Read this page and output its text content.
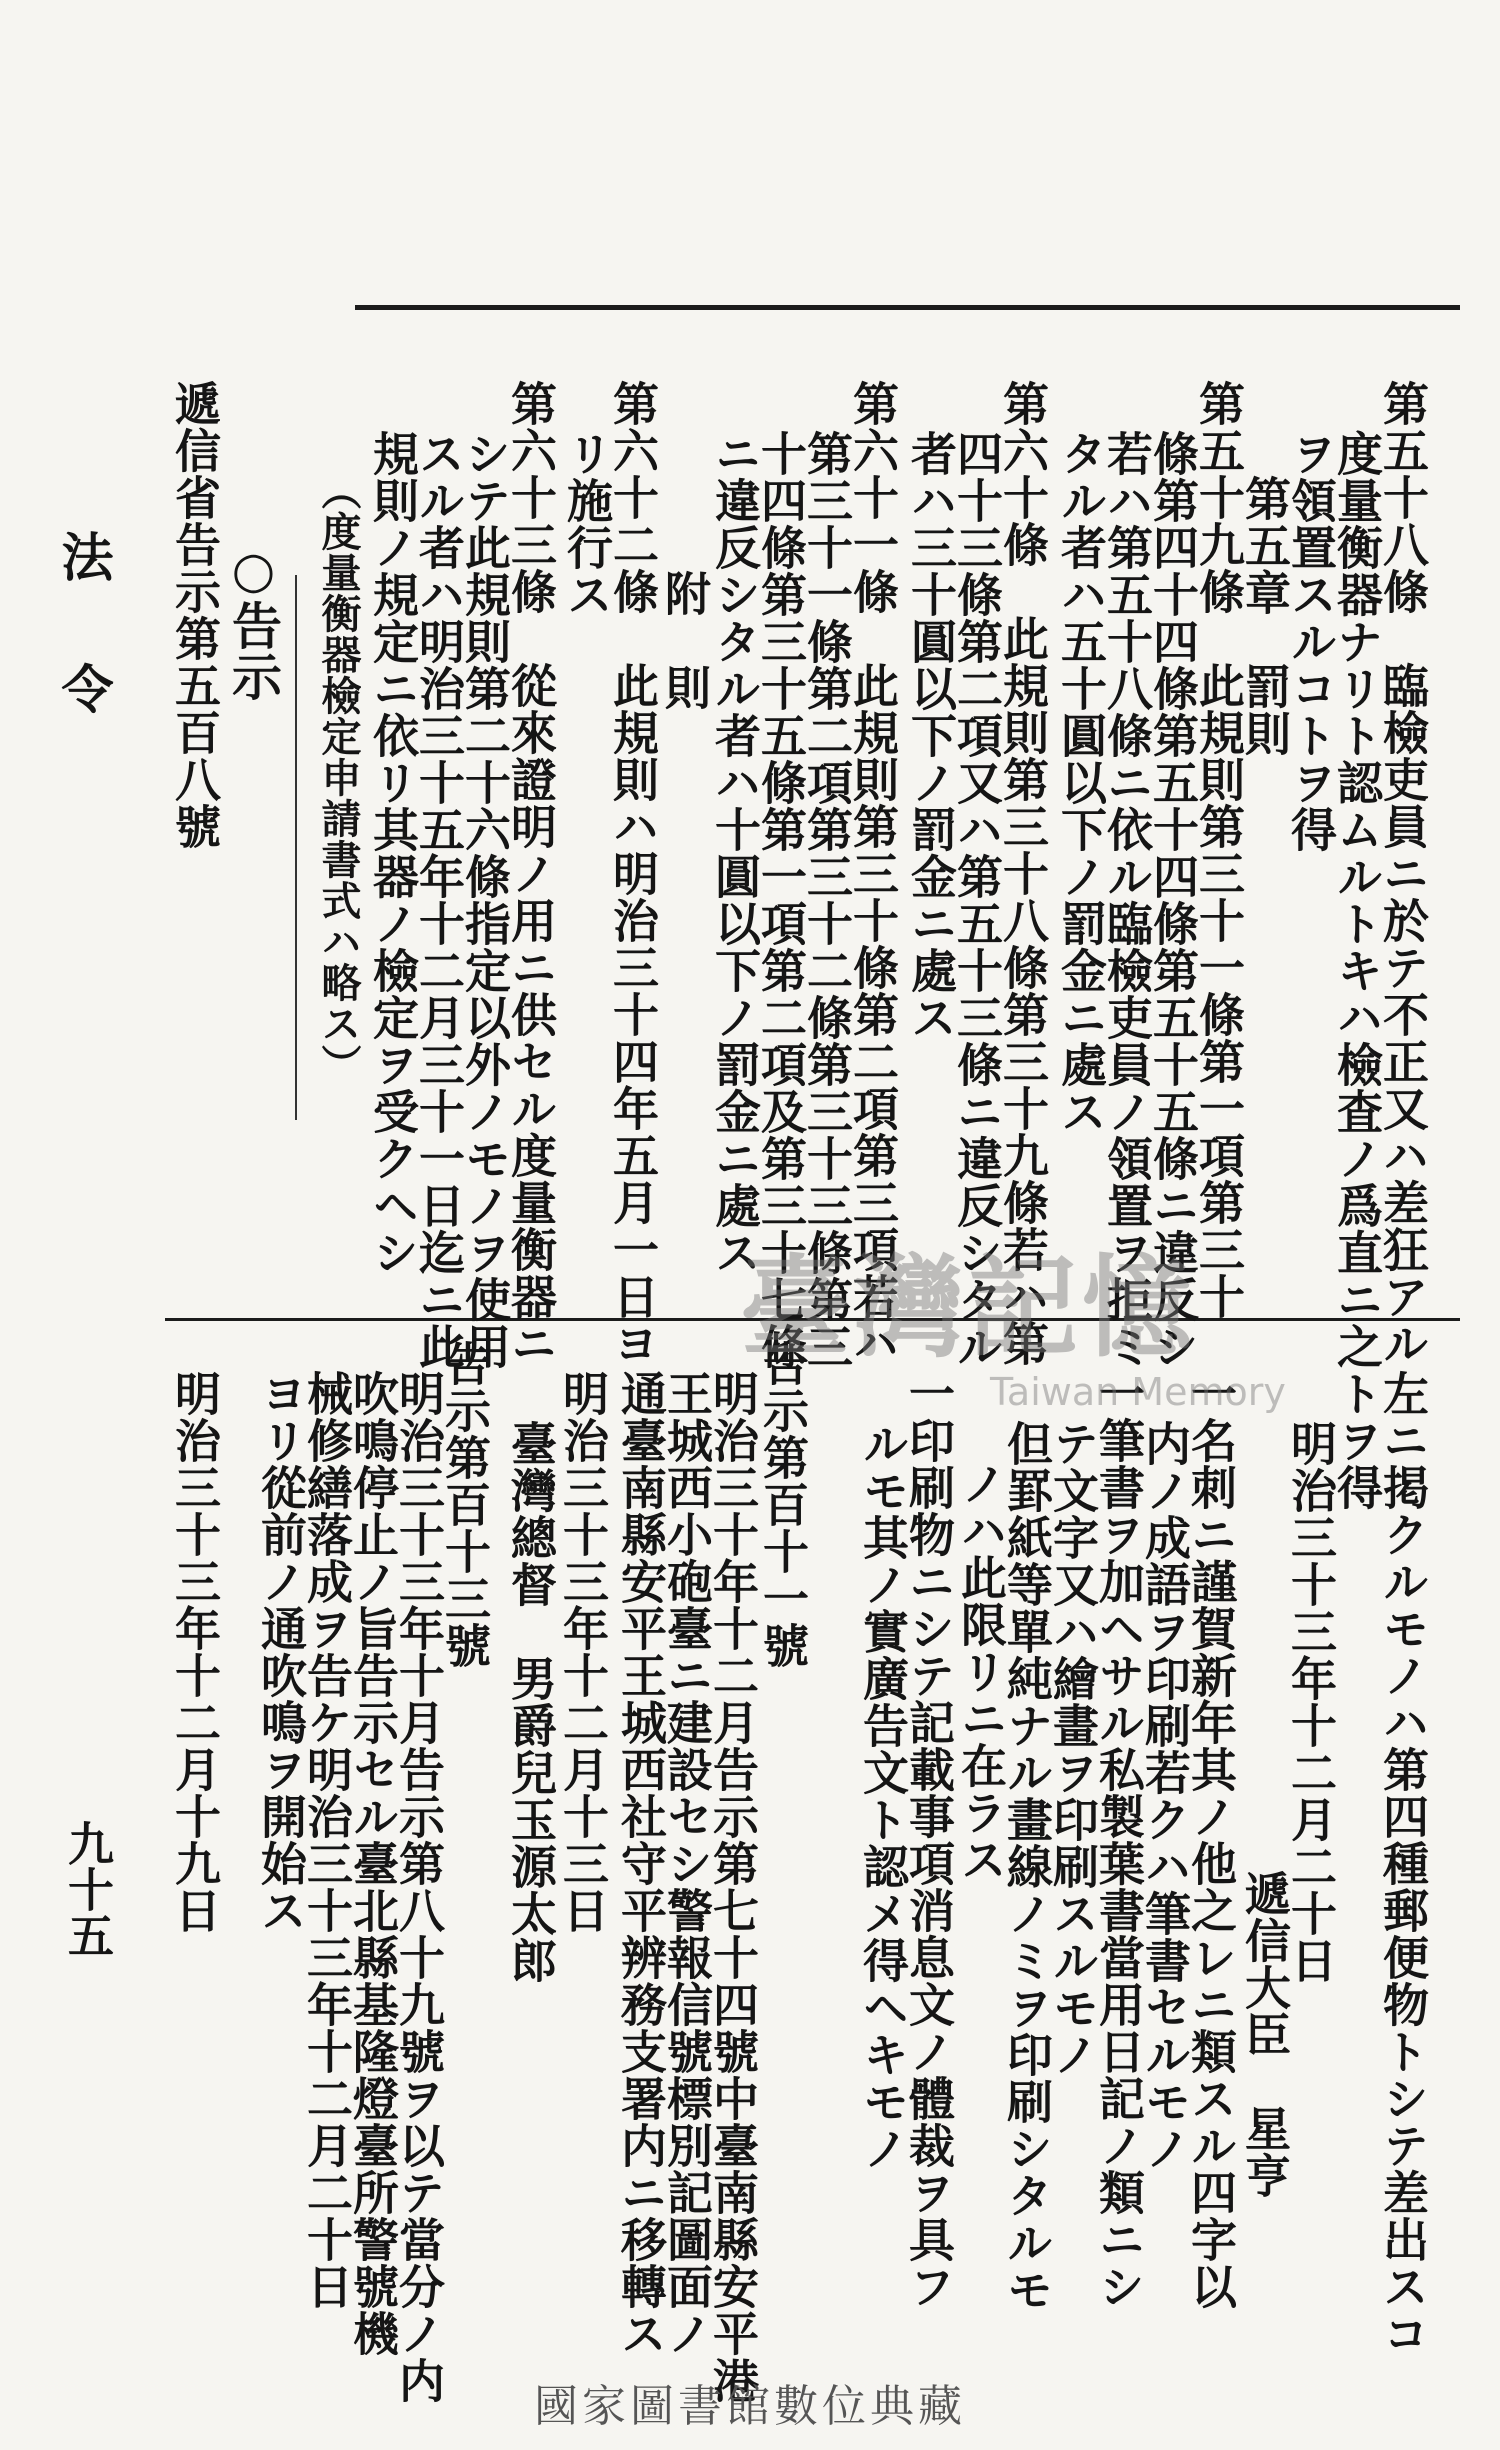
法令
九十五
第五十八條　臨檢吏員ニ於テ不正又ハ差狂アル
度量衡器ナリト認ムルトキハ檢査ノ爲直ニ之
ヲ領置スルコトヲ得
第五章　罰則
第五十九條　此規則第三十一條第一項第三十
條第四十四條第五十四條第五十五條ニ違反シ
若ハ第五十八條ニ依ル臨檢吏員ノ領置ヲ拒ミ
タル者ハ五十圓以下ノ罰金ニ處ス
第六十條　此規則第三十八條第三十九條若ハ第
四十三條第二項又ハ第五十三條ニ違反シタル
者ハ三十圓以下ノ罰金ニ處ス
第六十一條　此規則第三十條第二項第三項若ハ
第三十一條第二項第三十二條第三十三條第三
十四條第三十五條第一項第二項及第三十七條
ニ違反シタル者ハ十圓以下ノ罰金ニ處ス
附　則
第六十二條　此規則ハ明治三十四年五月一日ヨ
リ施行ス
第六十三條　從來證明ノ用ニ供セル度量衡器ニ
シテ此規則第二十六條指定以外ノモノヲ使用
スル者ハ明治三十五年十二月三十一日迄ニ此
規則ノ規定ニ依リ其器ノ檢定ヲ受クヘシ
（度量衡器檢定申請書式ハ略ス）
○告示
遞信省告示第五百八號
左ニ掲クルモノハ第四種郵便物トシテ差出スコ
トヲ得
明治三十三年十二月二十日
遞信大臣　星亨
一名刺ニ謹賀新年其ノ他之レニ類スル四字以
内ノ成語ヲ印刷若クハ筆書セルモノ
一筆書ヲ加ヘサル私製葉書當用日記ノ類ニシ
テ文字又ハ繪畫ヲ印刷スルモノ
但罫紙等單純ナル畫線ノミヲ印刷シタルモ
ノハ此限リニ在ラス
一印刷物ニシテ記載事項消息文ノ體裁ヲ具フ
ルモ其ノ實廣告文ト認メ得ヘキモノ
告示第百十一號
明治三十年十二月告示第七十四號中臺南縣安平港
王城西小砲臺ニ建設セシ警報信號標別記圖面ノ
通臺南縣安平王城西社守平辨務支署内ニ移轉ス
明治三十三年十二月十三日
臺灣總督　男爵兒玉源太郎
告示第百十三號
明治三十三年十月告示第八十九號ヲ以テ當分ノ内
吹鳴停止ノ旨告示セル臺北縣基隆燈臺所警號機
械修繕落成ヲ告ケ明治三十三年十二月二十日
ヨリ從前ノ通吹鳴ヲ開始ス
明治三十三年十二月十九日
臺灣記憶
Taiwan Memory
國家圖書館數位典藏
